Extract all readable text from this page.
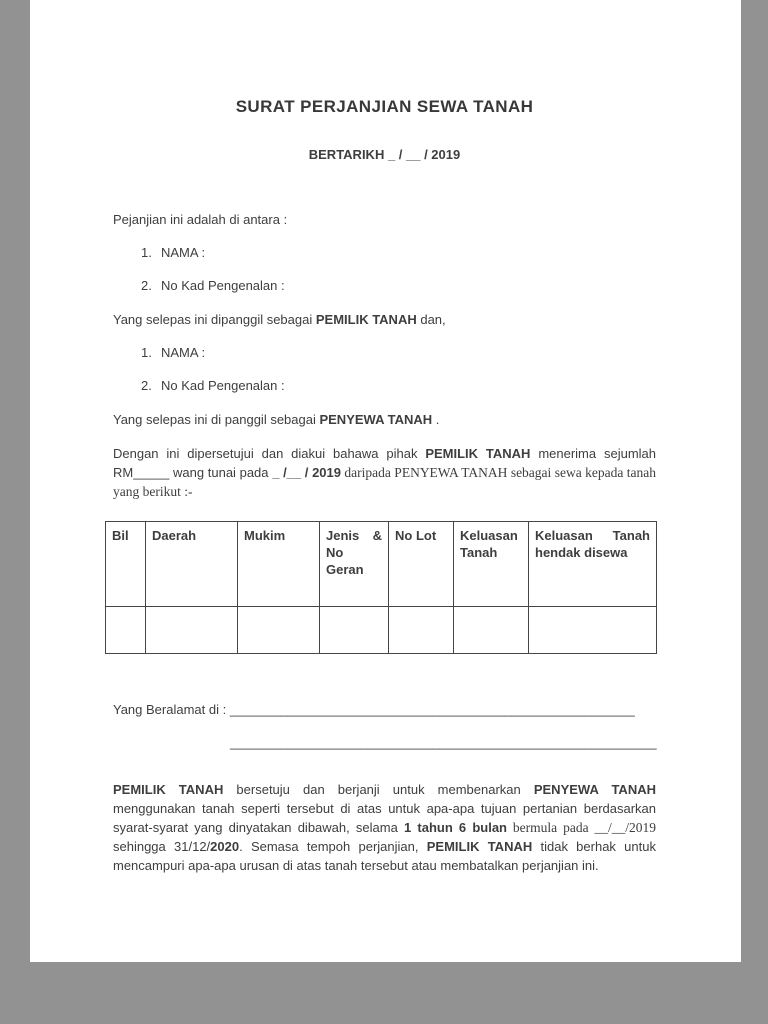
SURAT PERJANJIAN SEWA TANAH
BERTARIKH _ / __ / 2019
Pejanjian ini adalah di antara :
1. NAMA :
2. No Kad Pengenalan :
Yang selepas ini dipanggil sebagai PEMILIK TANAH dan,
1. NAMA :
2. No Kad Pengenalan :
Yang selepas ini di panggil sebagai PENYEWA TANAH .
Dengan ini dipersetujui dan diakui bahawa pihak PEMILIK TANAH menerima sejumlah RM_____ wang tunai pada _ /__ / 2019 daripada PENYEWA TANAH sebagai sewa kepada tanah yang berikut :-
Bil	Daerah	Mukim	Jenis & No Geran	No Lot	Keluasan Tanah	Keluasan Tanah hendak disewa

Yang Beralamat di : ________________________________________________________
___________________________________________________________
PEMILIK TANAH bersetuju dan berjanji untuk membenarkan PENYEWA TANAH menggunakan tanah seperti tersebut di atas untuk apa-apa tujuan pertanian berdasarkan syarat-syarat yang dinyatakan dibawah, selama 1 tahun 6 bulan bermula pada __/__/2019 sehingga 31/12/2020. Semasa tempoh perjanjian, PEMILIK TANAH tidak berhak untuk mencampuri apa-apa urusan di atas tanah tersebut atau membatalkan perjanjian ini.
